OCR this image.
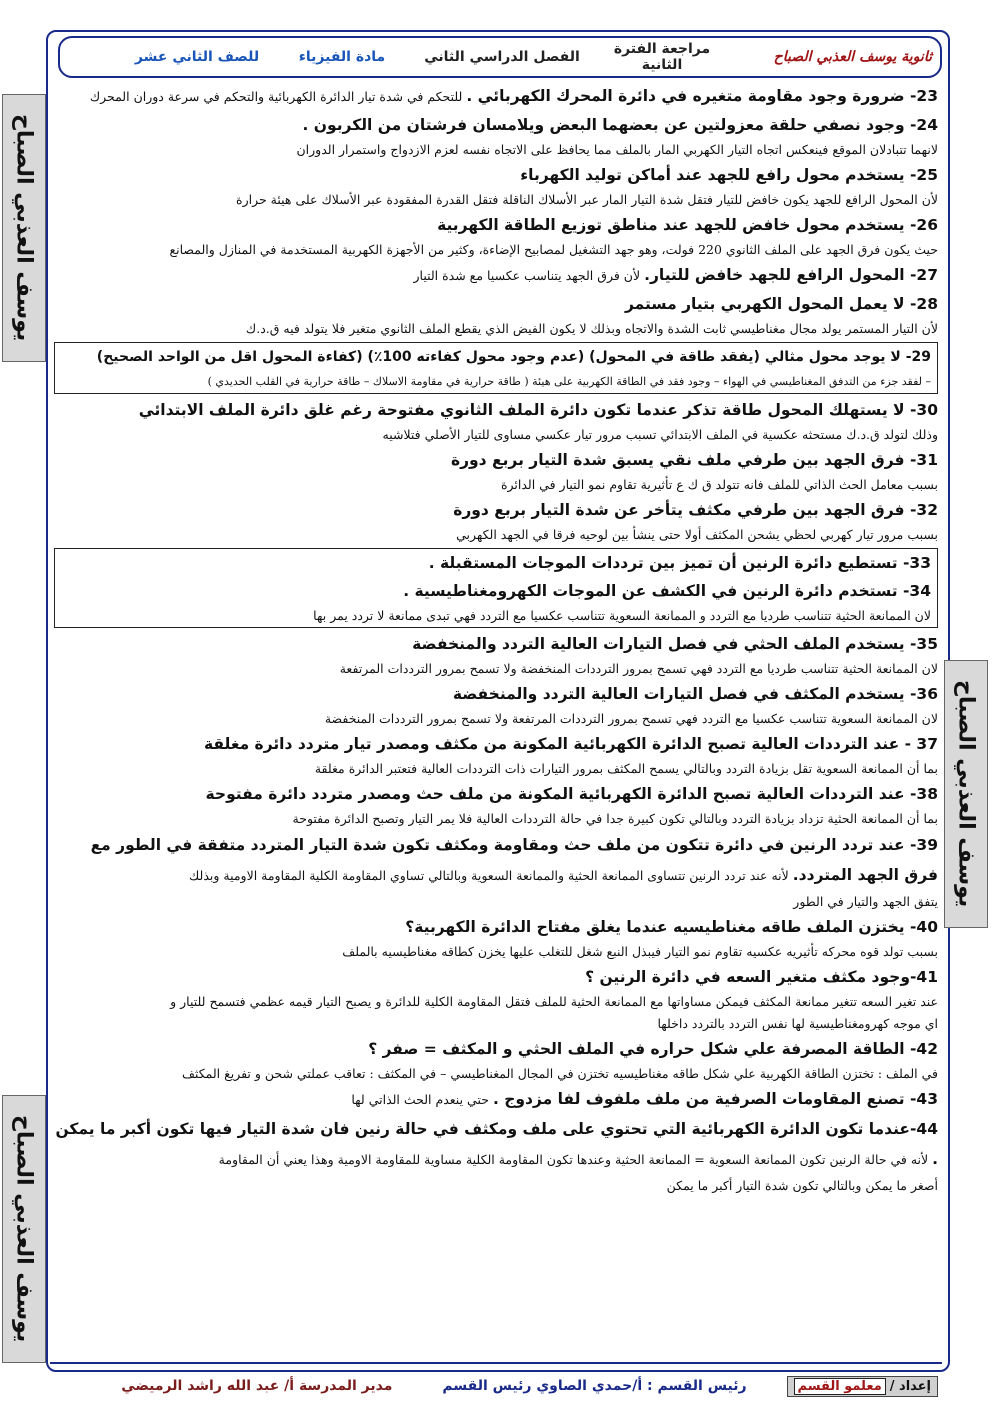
ثانوية يوسف العذبي الصباح
مراجعة الفترة الثانية
الفصل الدراسي الثاني
مادة الفيزياء
للصف الثاني عشر
يوسف العذبي الصباح
يوسف العذبي الصباح
يوسف العذبي الصباح
23- ضرورة وجود مقاومة متغيره في دائرة المحرك الكهربائي . للتحكم في شدة تيار الدائرة الكهربائية والتحكم في سرعة دوران المحرك
24- وجود نصفي حلقة معزولتين عن بعضهما البعض ويلامسان فرشتان من الكربون .
لانهما تتبادلان الموقع فينعكس اتجاه التيار الكهربي المار بالملف مما يحافظ على الاتجاه نفسه لعزم الازدواج واستمرار الدوران
25- يستخدم محول رافع للجهد عند أماكن توليد الكهرباء
لأن المحول الرافع للجهد يكون خافض للتيار فتقل شدة التيار المار عبر الأسلاك الناقلة فتقل القدرة المفقودة عبر الأسلاك على هيئة حرارة
26- يستخدم محول خافض للجهد عند مناطق توزيع الطاقة الكهربية
حيث يكون فرق الجهد على الملف الثانوي 220 فولت، وهو جهد التشغيل لمصابيح الإضاءة، وكثير من الأجهزة الكهربية المستخدمة في المنازل والمصانع
27- المحول الرافع للجهد خافض للتيار. لأن فرق الجهد يتناسب عكسيا مع شدة التيار
28- لا يعمل المحول الكهربي بتيار مستمر
لأن التيار المستمر يولد مجال مغناطيسي ثابت الشدة والاتجاه وبذلك لا يكون الفيض الذي يقطع الملف الثانوي متغير فلا يتولد فيه ق.د.ك
29- لا يوجد محول مثالي (يفقد طاقة في المحول) (عدم وجود محول كفاءته 100٪) (كفاءة المحول اقل من الواحد الصحيح)
– لفقد جزء من التدفق المغناطيسي في الهواء – وجود فقد في الطاقة الكهربية على هيئة ( طاقة حرارية في مقاومة الاسلاك – طاقة حرارية في القلب الحديدي )
30- لا يستهلك المحول طاقة تذكر عندما تكون دائرة الملف الثانوي مفتوحة رغم غلق دائرة الملف الابتدائي
وذلك لتولد ق.د.ك مستحثه عكسية في الملف الابتدائي تسبب مرور تيار عكسي مساوى للتيار الأصلي فتلاشيه
31- فرق الجهد بين طرفي ملف نقي يسبق شدة التيار بربع دورة
بسبب معامل الحث الذاتي للملف فانه تتولد ق ك ع تأثيرية تقاوم نمو التيار في الدائرة
32- فرق الجهد بين طرفي مكثف يتأخر عن شدة التيار بربع دورة
بسبب مرور تيار كهربي لحظي يشحن المكثف أولا حتى ينشأ بين لوحيه فرقا في الجهد الكهربي
33- تستطيع دائرة الرنين أن تميز بين ترددات الموجات المستقبلة .
34- تستخدم دائرة الرنين في الكشف عن الموجات الكهرومغناطيسية .
لان الممانعة الحثية تتناسب طرديا مع التردد و الممانعة السعوية تتناسب عكسيا مع التردد فهي تبدى ممانعة لا تردد يمر بها
35- يستخدم الملف الحثي في فصل التيارات العالية التردد والمنخفضة
لان الممانعة الحثية تتناسب طرديا مع التردد فهي تسمح بمرور الترددات المنخفضة ولا تسمح بمرور الترددات المرتفعة
36- يستخدم المكثف في فصل التيارات العالية التردد والمنخفضة
لان الممانعة السعوية تتناسب عكسيا مع التردد فهي تسمح بمرور الترددات المرتفعة ولا تسمح بمرور الترددات المنخفضة
37 - عند الترددات العالية تصبح الدائرة الكهربائية المكونة من مكثف ومصدر تيار متردد دائرة مغلقة
بما أن الممانعة السعوية تقل بزيادة التردد وبالتالي يسمح المكثف بمرور التيارات ذات الترددات العالية فتعتبر الدائرة مغلقة
38- عند الترددات العالية تصبح الدائرة الكهربائية المكونة من ملف حث ومصدر متردد دائرة مفتوحة
بما أن الممانعة الحثية تزداد بزيادة التردد وبالتالي تكون كبيرة جدا في حالة الترددات العالية فلا يمر التيار وتصبح الدائرة مفتوحة
39- عند تردد الرنين في دائرة تتكون من ملف حث ومقاومة ومكثف تكون شدة التيار المتردد متفقة في الطور مع فرق الجهد المتردد. لأنه عند تردد الرنين تتساوى الممانعة الحثية والممانعة السعوية وبالتالي تساوي المقاومة الكلية المقاومة الاومية وبذلك
يتفق الجهد والتيار في الطور
40- يختزن الملف طاقه مغناطيسيه عندما يغلق مفتاح الدائرة الكهربية؟
بسبب تولد قوه محركه تأثيريه عكسيه تقاوم نمو التيار فيبذل النبع شغل للتغلب عليها يخزن كطاقه مغناطيسيه بالملف
41-وجود مكثف متغير السعه في دائرة الرنين ؟
عند تغير السعه تتغير ممانعة المكثف فيمكن مساواتها مع الممانعة الحثية للملف فتقل المقاومة الكلية للدائرة و يصبح التيار قيمه عظمي فتسمح للتيار و
اي موجه كهرومغناطيسية لها نفس التردد بالتردد داخلها
42- الطاقة المصرفة علي شكل حراره في الملف الحثي و المكثف = صفر ؟
في الملف : تختزن الطاقة الكهربية علي شكل طاقه مغناطيسيه تختزن في المجال المغناطيسي – في المكثف : تعاقب عملتي شحن و تفريغ المكثف
43- تصنع المقاومات الصرفية من ملف ملفوف لفا مزدوج . حتي ينعدم الحث الذاتي لها
44-عندما تكون الدائرة الكهربائية التي تحتوي على ملف ومكثف في حالة رنين فان شدة التيار فيها تكون أكبر ما يمكن . لأنه في حالة الرنين تكون الممانعة السعوية = الممانعة الحثية وعندها تكون المقاومة الكلية مساوية للمقاومة الاومية وهذا يعني أن المقاومة
أصغر ما يمكن وبالتالي تكون شدة التيار أكبر ما يمكن
إعداد /معلمو القسم
رئيس القسم : أ/حمدي الصاوي رئيس القسم
مدير المدرسة أ/ عبد الله راشد الرميضي
